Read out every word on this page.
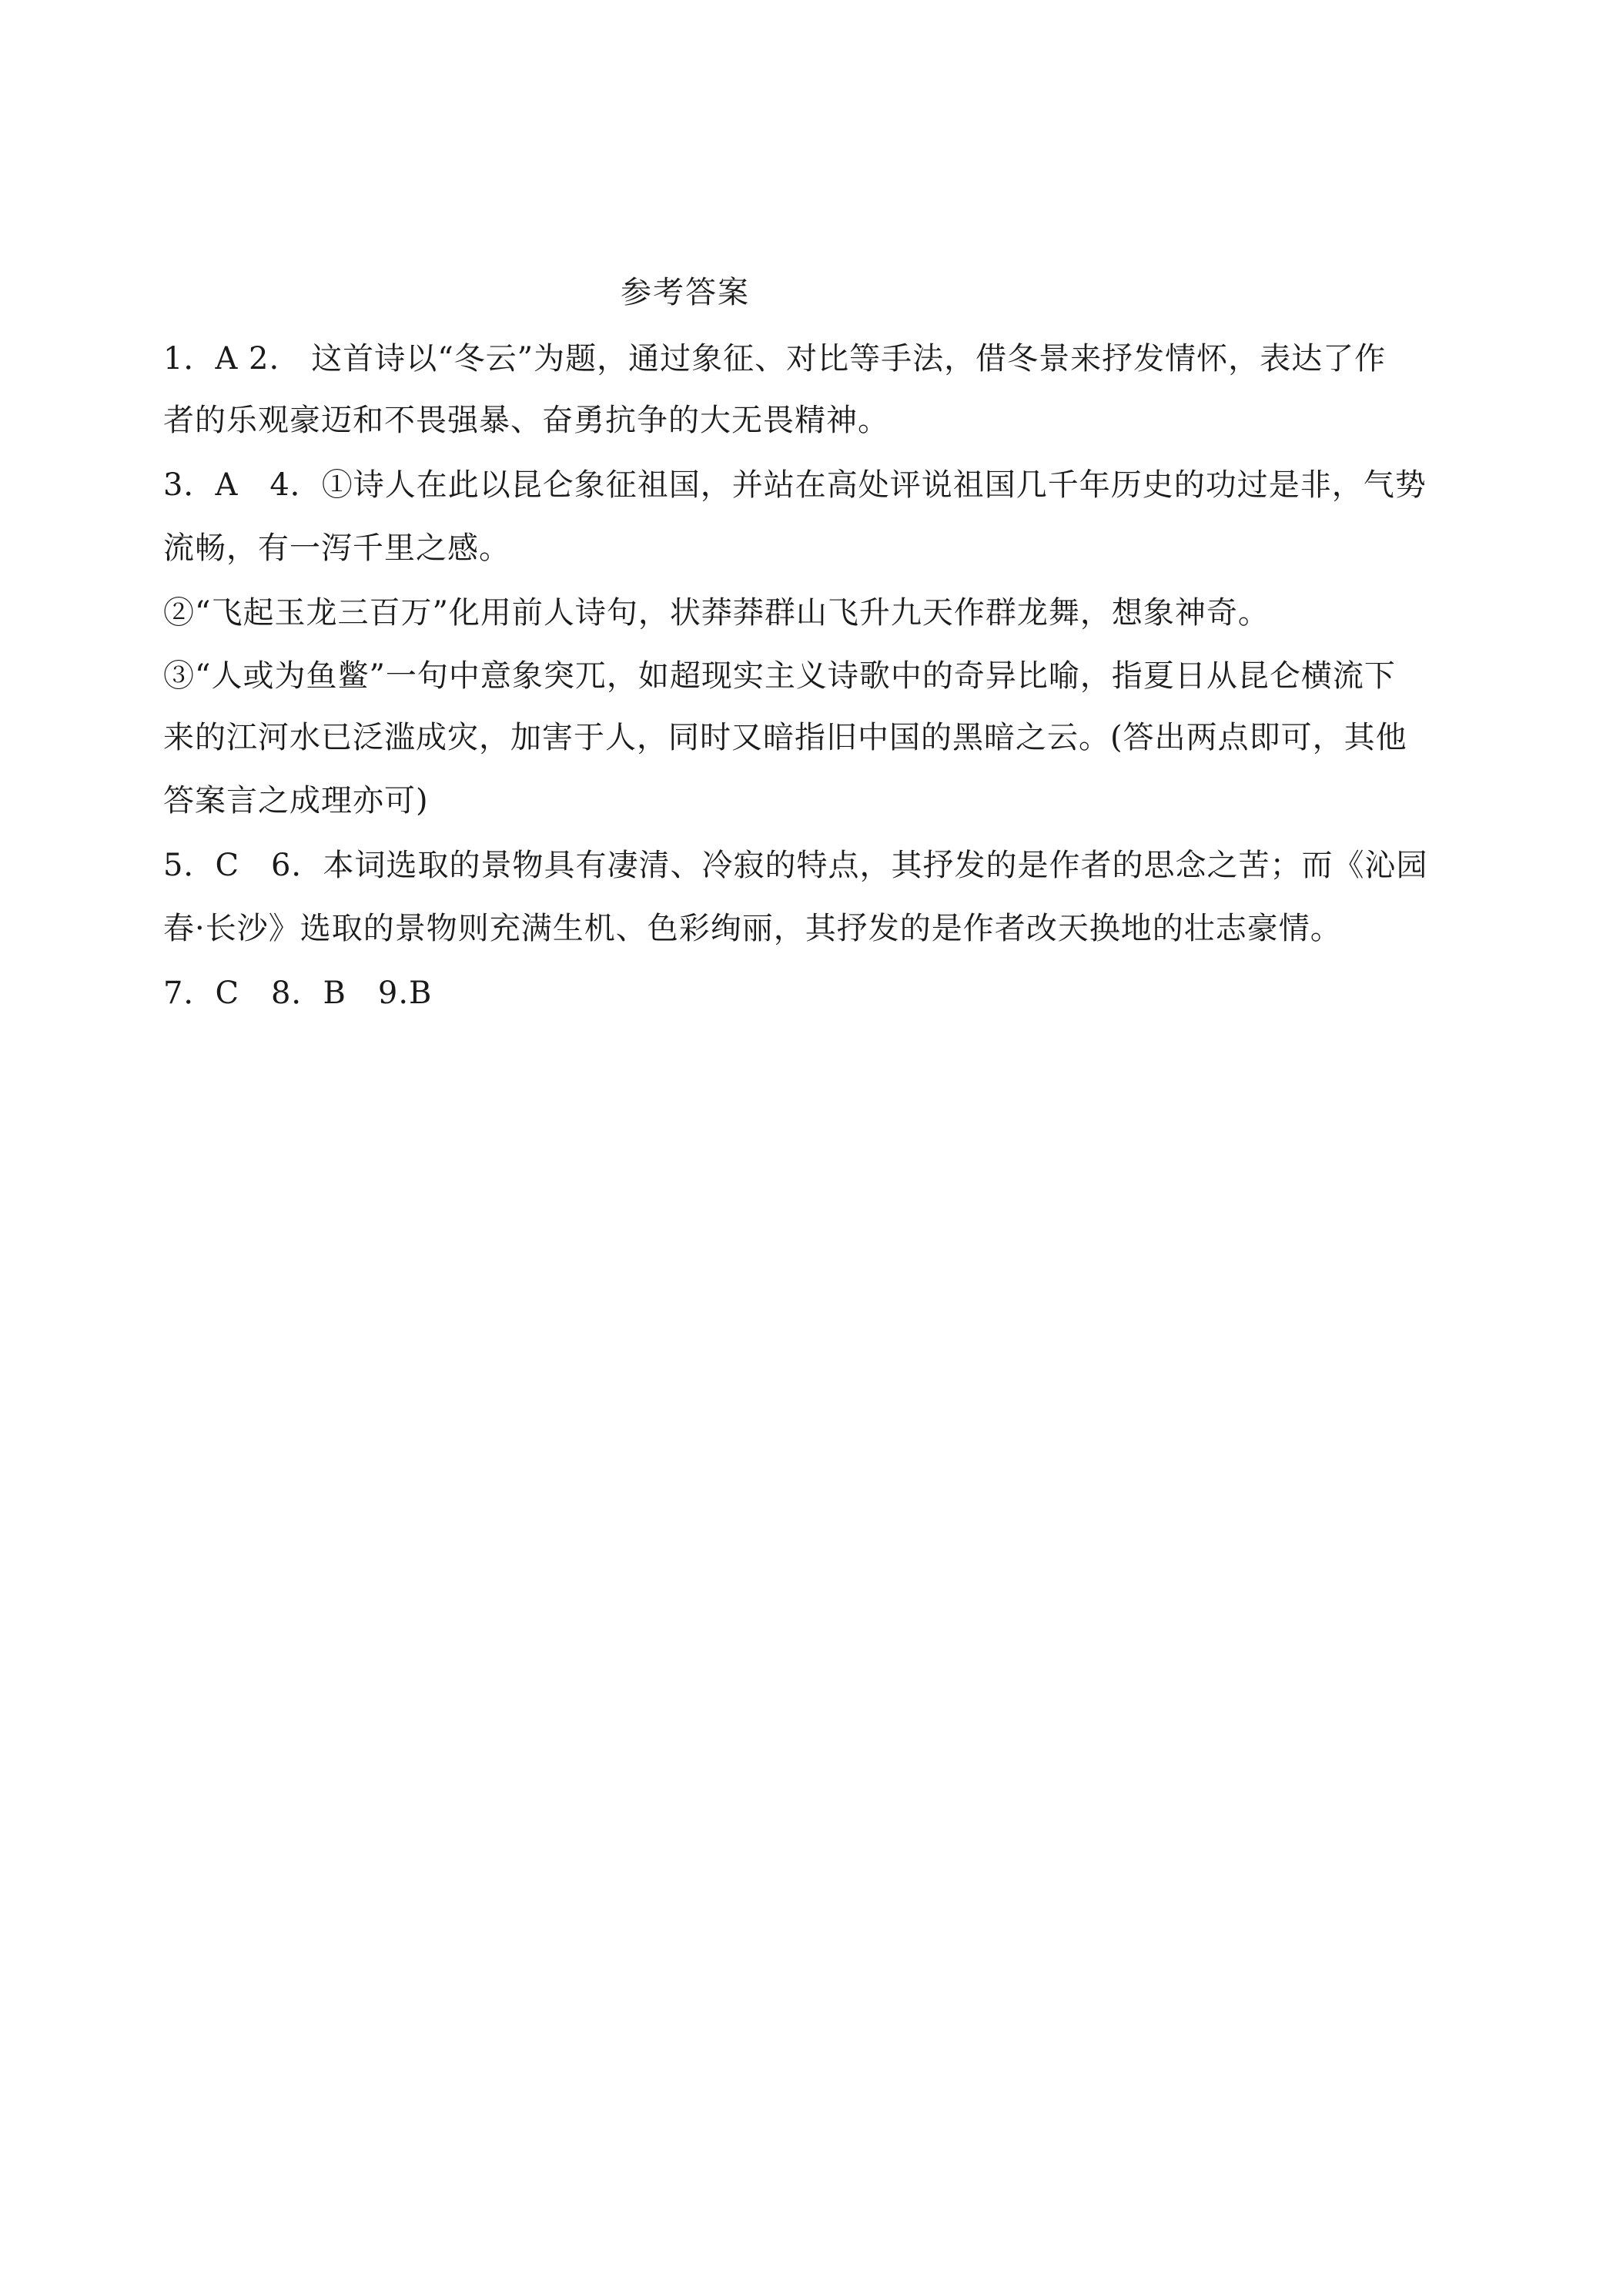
参考答案
1．A 2.　这首诗以“冬云”为题，通过象征、对比等手法，借冬景来抒发情怀，表达了作
者的乐观豪迈和不畏强暴、奋勇抗争的大无畏精神。
3．A　4．①诗人在此以昆仑象征祖国，并站在高处评说祖国几千年历史的功过是非，气势
流畅，有一泻千里之感。
②“飞起玉龙三百万”化用前人诗句，状莽莽群山飞升九天作群龙舞，想象神奇。
③“人或为鱼鳖”一句中意象突兀，如超现实主义诗歌中的奇异比喻，指夏日从昆仑横流下
来的江河水已泛滥成灾，加害于人，同时又暗指旧中国的黑暗之云。(答出两点即可，其他
答案言之成理亦可)
5．C　6．本词选取的景物具有凄清、冷寂的特点，其抒发的是作者的思念之苦；而《沁园
春·长沙》选取的景物则充满生机、色彩绚丽，其抒发的是作者改天换地的壮志豪情。
7．C　8．B　9.B
